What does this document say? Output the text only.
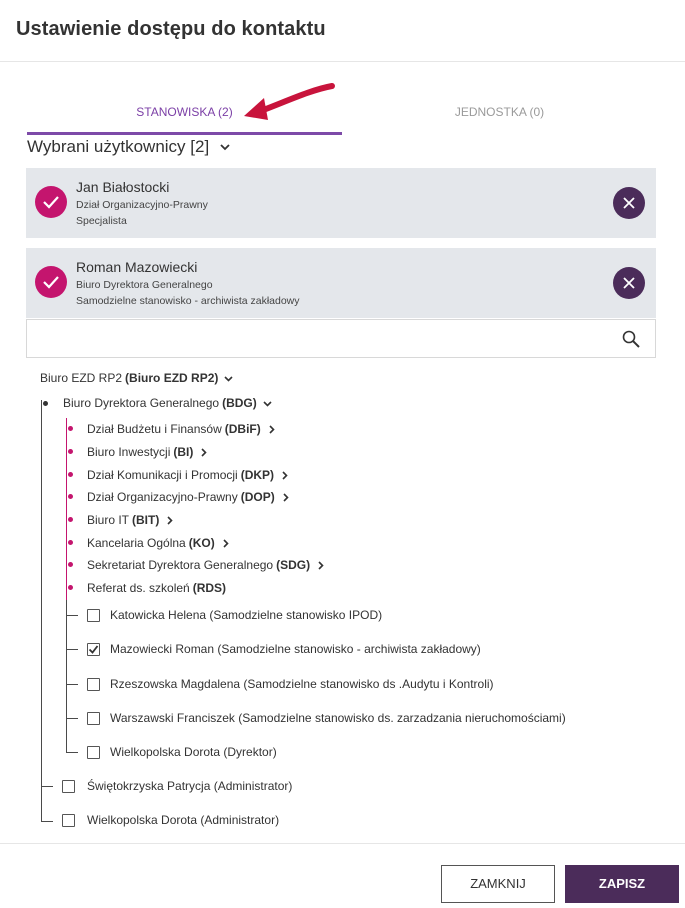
Ustawienie dostępu do kontaktu
STANOWISKA (2)	JEDNOSTKA (0)
Wybrani użytkownicy [2]
Jan Białostocki
Dział Organizacyjno-Prawny
Specjalista
Roman Mazowiecki
Biuro Dyrektora Generalnego
Samodzielne stanowisko - archiwista zakładowy
Biuro EZD RP2 (Biuro EZD RP2)
Biuro Dyrektora Generalnego (BDG)
Dział Budżetu i Finansów (DBiF)
Biuro Inwestycji (BI)
Dział Komunikacji i Promocji (DKP)
Dział Organizacyjno-Prawny (DOP)
Biuro IT (BIT)
Kancelaria Ogólna (KO)
Sekretariat Dyrektora Generalnego (SDG)
Referat ds. szkoleń (RDS)
Katowicka Helena (Samodzielne stanowisko IPOD)
Mazowiecki Roman (Samodzielne stanowisko - archiwista zakładowy)
Rzeszowska Magdalena (Samodzielne stanowisko ds .Audytu i Kontroli)
Warszawski Franciszek (Samodzielne stanowisko ds. zarzadzania nieruchomościami)
Wielkopolska Dorota (Dyrektor)
Świętokrzyska Patrycja (Administrator)
Wielkopolska Dorota (Administrator)
ZAMKNIJ	ZAPISZ
